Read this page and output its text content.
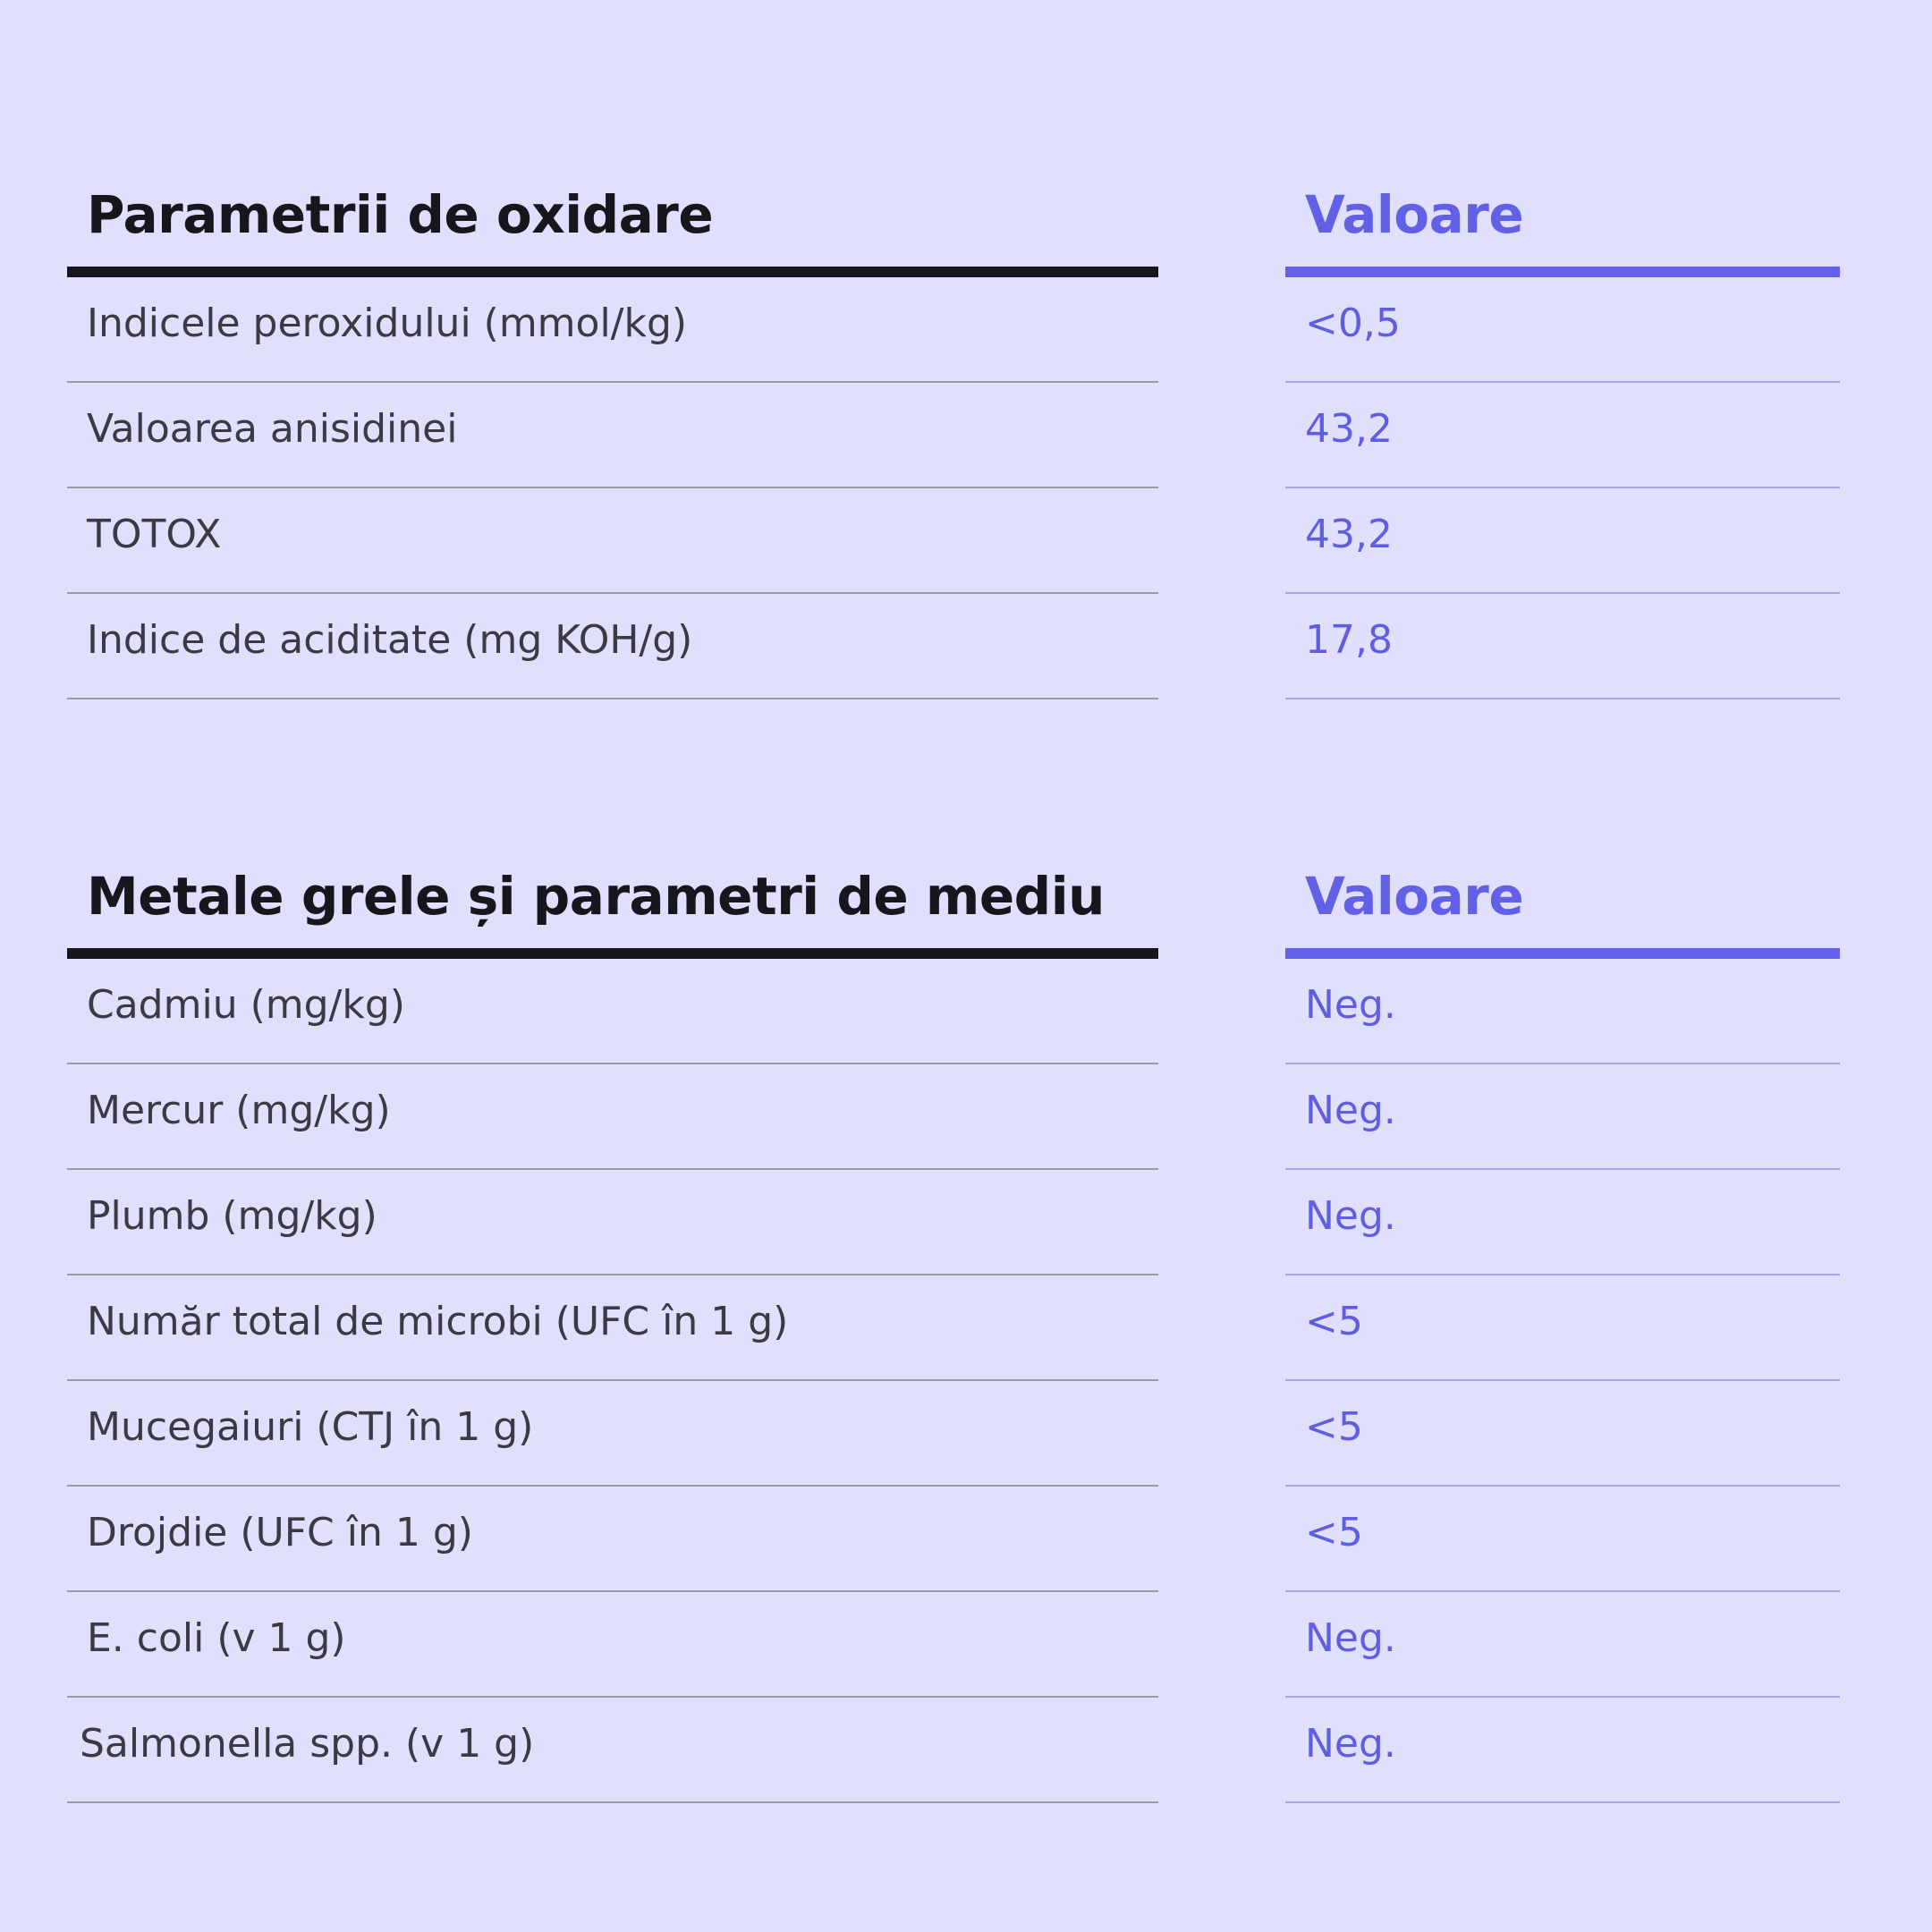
Parametrii de oxidare
Indicele peroxidului (mmol/kg)
Valoarea anisidinei
TOTOX
Indice de aciditate (mg KOH/g)
Valoare
<0,5
43,2
43,2
17,8
Metale grele și parametri de mediu
Cadmiu (mg/kg)
Mercur (mg/kg)
Plumb (mg/kg)
Număr total de microbi (UFC în 1 g)
Mucegaiuri (CTJ în 1 g)
Drojdie (UFC în 1 g)
E. coli (v 1 g)
Salmonella spp. (v 1 g)
Valoare
Neg.
Neg.
Neg.
<5
<5
<5
Neg.
Neg.
